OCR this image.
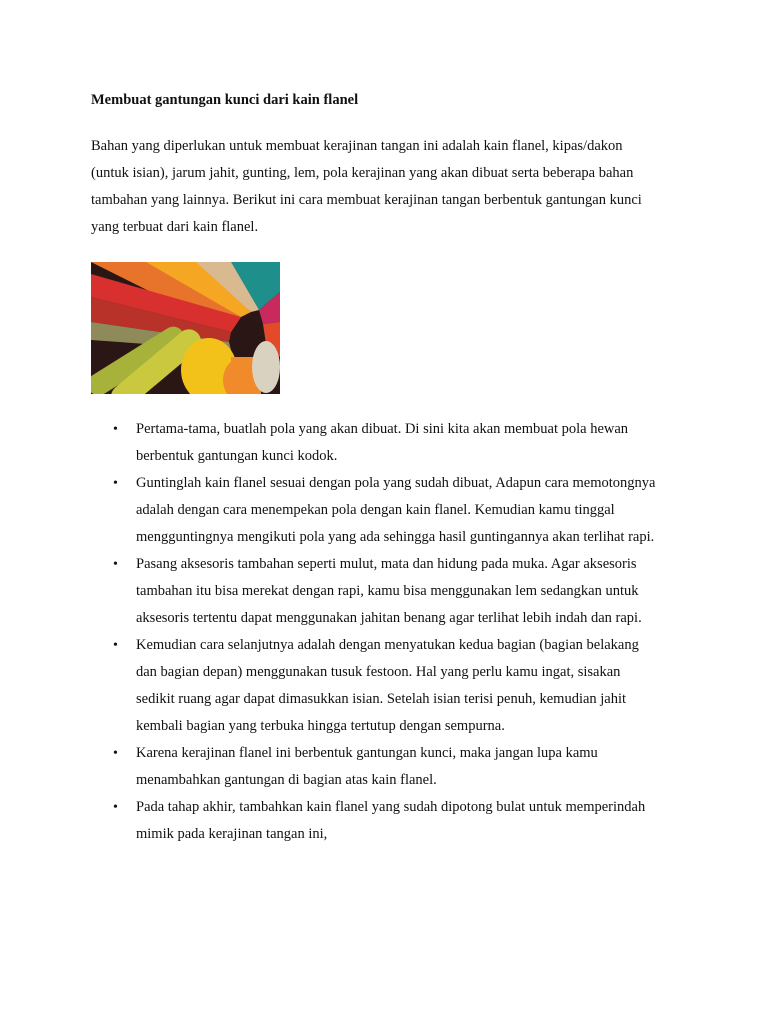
Membuat gantungan kunci dari kain flanel

Bahan yang diperlukan untuk membuat kerajinan tangan ini adalah kain flanel, kipas/dakon
(untuk isian), jarum jahit, gunting, lem, pola kerajinan yang akan dibuat serta beberapa bahan
tambahan yang lainnya. Berikut ini cara membuat kerajinan tangan berbentuk gantungan kunci
yang terbuat dari kain flanel.

• Pertama-tama, buatlah pola yang akan dibuat. Di sini kita akan membuat pola hewan
berbentuk gantungan kunci kodok.
• Guntinglah kain flanel sesuai dengan pola yang sudah dibuat, Adapun cara memotongnya
adalah dengan cara menempekan pola dengan kain flanel. Kemudian kamu tinggal
mengguntingnya mengikuti pola yang ada sehingga hasil guntingannya akan terlihat rapi.
• Pasang aksesoris tambahan seperti mulut, mata dan hidung pada muka. Agar aksesoris
tambahan itu bisa merekat dengan rapi, kamu bisa menggunakan lem sedangkan untuk
aksesoris tertentu dapat menggunakan jahitan benang agar terlihat lebih indah dan rapi.
• Kemudian cara selanjutnya adalah dengan menyatukan kedua bagian (bagian belakang
dan bagian depan) menggunakan tusuk festoon. Hal yang perlu kamu ingat, sisakan
sedikit ruang agar dapat dimasukkan isian. Setelah isian terisi penuh, kemudian jahit
kembali bagian yang terbuka hingga tertutup dengan sempurna.
• Karena kerajinan flanel ini berbentuk gantungan kunci, maka jangan lupa kamu
menambahkan gantungan di bagian atas kain flanel.
• Pada tahap akhir, tambahkan kain flanel yang sudah dipotong bulat untuk memperindah
mimik pada kerajinan tangan ini,
